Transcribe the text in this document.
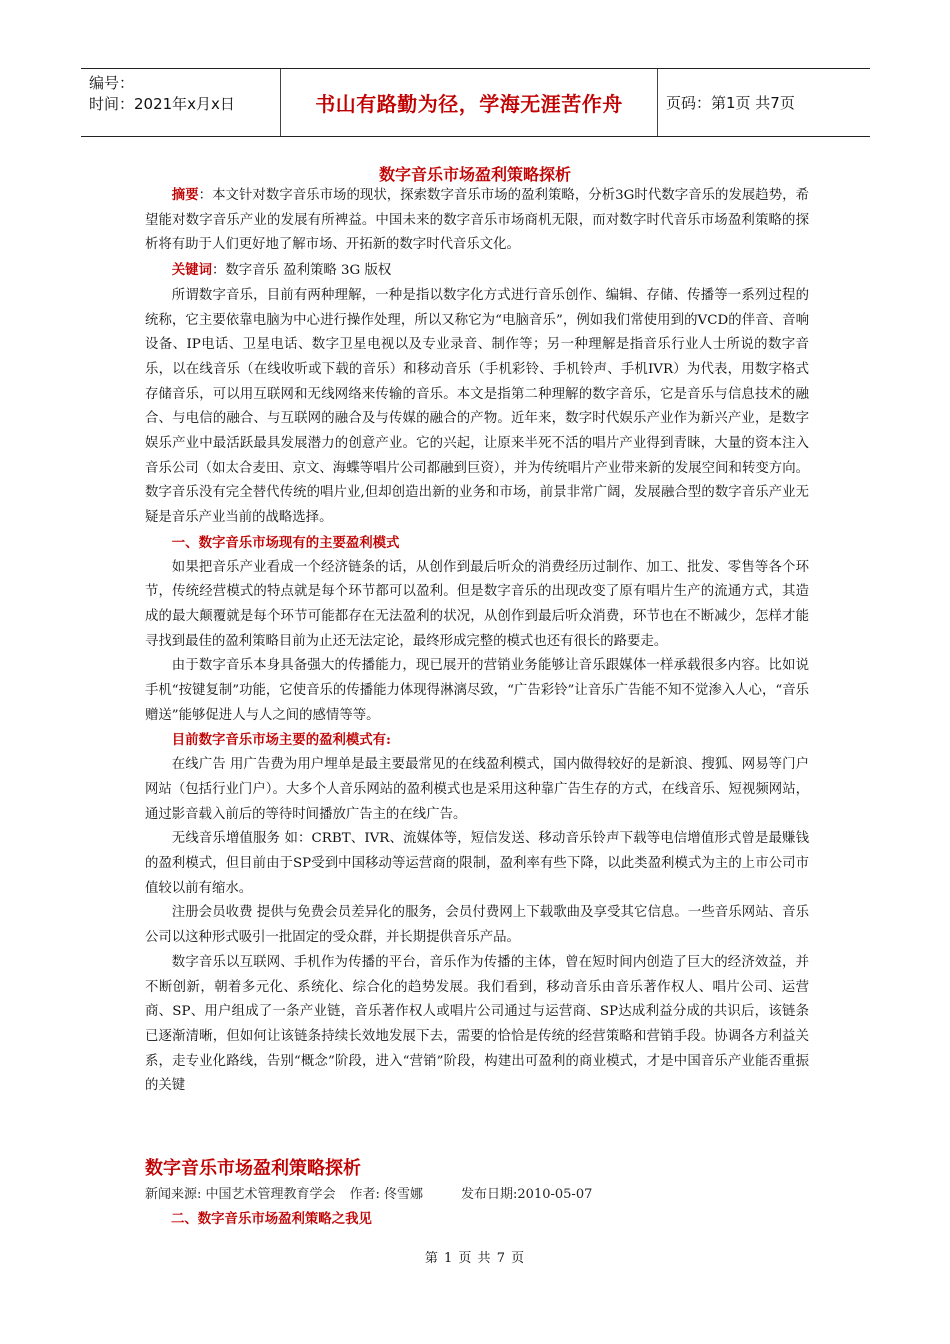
编号：
时间：2021年x月x日	书山有路勤为径，学海无涯苦作舟	页码：第1页 共7页
数字音乐市场盈利策略探析

摘要：本文针对数字音乐市场的现状，探索数字音乐市场的盈利策略，分析3G时代数字音乐的发展趋势，希望能对数字音乐产业的发展有所裨益。中国未来的数字音乐市场商机无限，而对数字时代音乐市场盈利策略的探析将有助于人们更好地了解市场、开拓新的数字时代音乐文化。

关键词：数字音乐 盈利策略 3G 版权

所谓数字音乐，目前有两种理解，一种是指以数字化方式进行音乐创作、编辑、存储、传播等一系列过程的统称，它主要依靠电脑为中心进行操作处理，所以又称它为“电脑音乐”，例如我们常使用到的VCD的伴音、音响设备、IP电话、卫星电话、数字卫星电视以及专业录音、制作等；另一种理解是指音乐行业人士所说的数字音乐，以在线音乐（在线收听或下载的音乐）和移动音乐（手机彩铃、手机铃声、手机IVR）为代表，用数字格式存储音乐，可以用互联网和无线网络来传输的音乐。本文是指第二种理解的数字音乐，它是音乐与信息技术的融合、与电信的融合、与互联网的融合及与传媒的融合的产物。近年来，数字时代娱乐产业作为新兴产业，是数字娱乐产业中最活跃最具发展潜力的创意产业。它的兴起，让原来半死不活的唱片产业得到青睐，大量的资本注入音乐公司（如太合麦田、京文、海蝶等唱片公司都融到巨资），并为传统唱片产业带来新的发展空间和转变方向。数字音乐没有完全替代传统的唱片业,但却创造出新的业务和市场，前景非常广阔，发展融合型的数字音乐产业无疑是音乐产业当前的战略选择。

一、数字音乐市场现有的主要盈利模式

如果把音乐产业看成一个经济链条的话，从创作到最后听众的消费经历过制作、加工、批发、零售等各个环节，传统经营模式的特点就是每个环节都可以盈利。但是数字音乐的出现改变了原有唱片生产的流通方式，其造成的最大颠覆就是每个环节可能都存在无法盈利的状况，从创作到最后听众消费，环节也在不断减少，怎样才能寻找到最佳的盈利策略目前为止还无法定论，最终形成完整的模式也还有很长的路要走。

由于数字音乐本身具备强大的传播能力，现已展开的营销业务能够让音乐跟媒体一样承载很多内容。比如说手机“按键复制”功能，它使音乐的传播能力体现得淋漓尽致，“广告彩铃”让音乐广告能不知不觉渗入人心，“音乐赠送”能够促进人与人之间的感情等等。

目前数字音乐市场主要的盈利模式有:

在线广告 用广告费为用户埋单是最主要最常见的在线盈利模式，国内做得较好的是新浪、搜狐、网易等门户网站（包括行业门户）。大多个人音乐网站的盈利模式也是采用这种靠广告生存的方式，在线音乐、短视频网站，通过影音载入前后的等待时间播放广告主的在线广告。

无线音乐增值服务 如：CRBT、IVR、流媒体等，短信发送、移动音乐铃声下载等电信增值形式曾是最赚钱的盈利模式，但目前由于SP受到中国移动等运营商的限制，盈利率有些下降，以此类盈利模式为主的上市公司市值较以前有缩水。

注册会员收费 提供与免费会员差异化的服务，会员付费网上下载歌曲及享受其它信息。一些音乐网站、音乐公司以这种形式吸引一批固定的受众群，并长期提供音乐产品。

数字音乐以互联网、手机作为传播的平台，音乐作为传播的主体，曾在短时间内创造了巨大的经济效益，并不断创新，朝着多元化、系统化、综合化的趋势发展。我们看到，移动音乐由音乐著作权人、唱片公司、运营商、SP、用户组成了一条产业链，音乐著作权人或唱片公司通过与运营商、SP达成利益分成的共识后，该链条已逐渐清晰，但如何让该链条持续长效地发展下去，需要的恰恰是传统的经营策略和营销手段。协调各方利益关系，走专业化路线，告别“概念”阶段，进入“营销”阶段，构建出可盈利的商业模式，才是中国音乐产业能否重振的关键

数字音乐市场盈利策略探析
新闻来源: 中国艺术管理教育学会 作者: 佟雪娜	发布日期:2010-05-07
二、数字音乐市场盈利策略之我见
第 1 页 共 7 页
